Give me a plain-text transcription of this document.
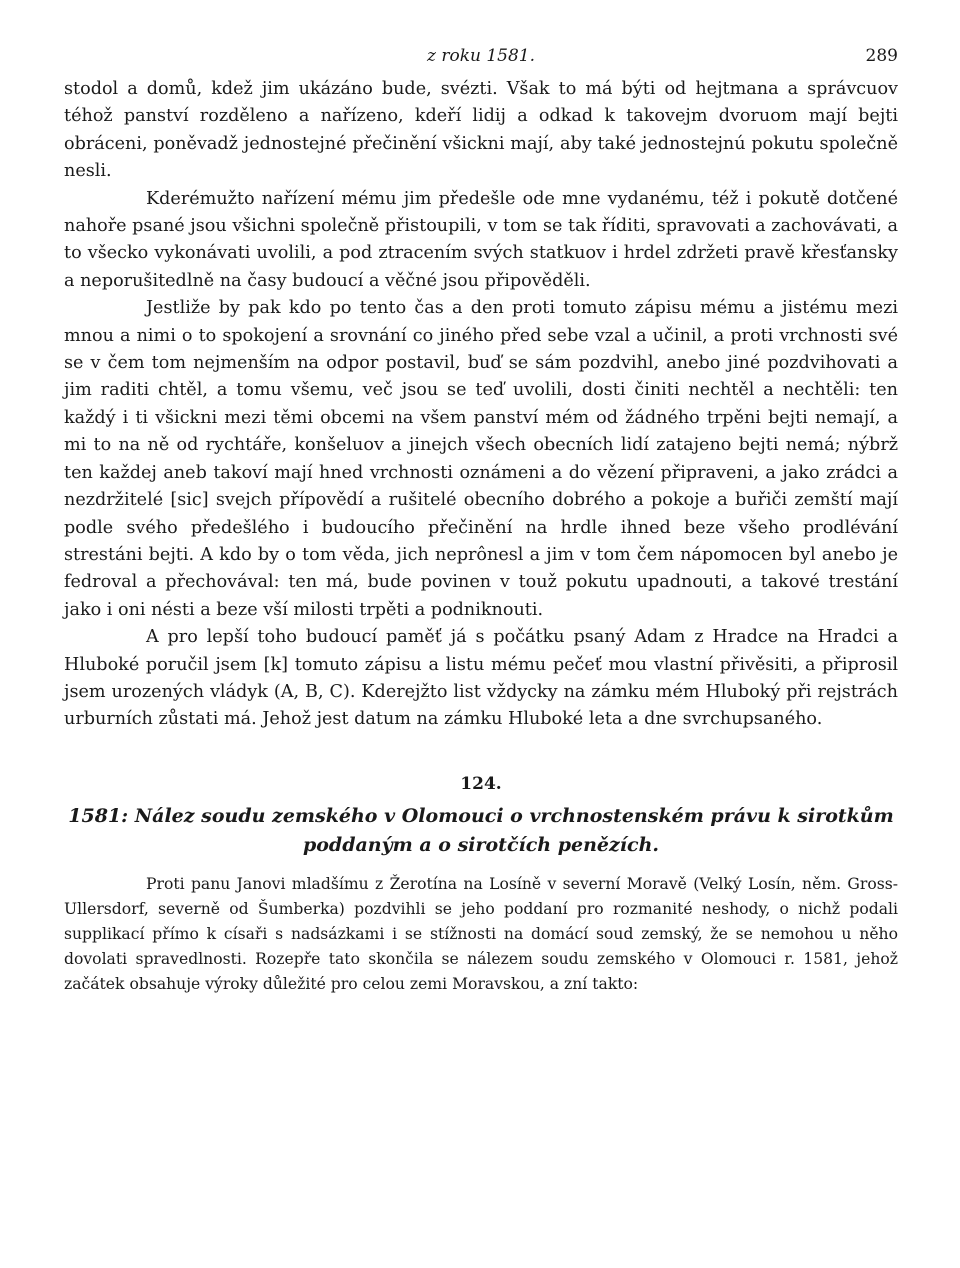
z roku 1581.	289

stodol a domů, kdež jim ukázáno bude, svézti. Však to má býti od hejtmana a správcuov téhož panství rozděleno a nařízeno, kdeří lidij a odkad k takovejm dvoruom mají bejti obráceni, poněvadž jednostejné přečinění všickni mají, aby také jednostejnú pokutu společně nesli.

Kderémužto nařízení mému jim předešle ode mne vydanému, též i pokutě dotčené nahoře psané jsou všichni společně přistoupili, v tom se tak říditi, spravovati a zachovávati, a to všecko vykonávati uvolili, a pod ztracením svých statkuov i hrdel zdržeti pravě křesťansky a neporušitedlně na časy budoucí a věčné jsou připověděli.

Jestliže by pak kdo po tento čas a den proti tomuto zápisu mému a jistému mezi mnou a nimi o to spokojení a srovnání co jiného před sebe vzal a učinil, a proti vrchnosti své se v čem tom nejmenším na odpor postavil, buď se sám pozdvihl, anebo jiné pozdvihovati a jim raditi chtěl, a tomu všemu, več jsou se teď uvolili, dosti činiti nechtěl a nechtěli: ten každý i ti všickni mezi těmi obcemi na všem panství mém od žádného trpěni bejti nemají, a mi to na ně od rychtáře, konšeluov a jinejch všech obecních lidí zatajeno bejti nemá; nýbrž ten každej aneb takoví mají hned vrchnosti oznámeni a do vězení připraveni, a jako zrádci a nezdržitelé [sic] svejch přípovědí a rušitelé obecního dobrého a pokoje a buřiči zemští mají podle svého předešlého i budoucího přečinění na hrdle ihned beze všeho prodlévání strestáni bejti. A kdo by o tom věda, jich neprônesl a jim v tom čem nápomocen byl anebo je fedroval a přechovával: ten má, bude povinen v touž pokutu upadnouti, a takové trestání jako i oni nésti a beze vší milosti trpěti a podniknouti.

A pro lepší toho budoucí paměť já s počátku psaný Adam z Hradce na Hradci a Hluboké poručil jsem [k] tomuto zápisu a listu mému pečeť mou vlastní přivěsiti, a připrosil jsem urozených vládyk (A, B, C). Kderejžto list vždycky na zámku mém Hluboký při rejstrách urburních zůstati má. Jehož jest datum na zámku Hluboké leta a dne svrchupsaného.

124.
1581: Nález soudu zemského v Olomouci o vrchnostenském právu k sirotkům
poddaným a o sirotčích penězích.

Proti panu Janovi mladšímu z Žerotína na Losíně v severní Moravě (Velký Losín, něm. Gross-Ullersdorf, severně od Šumberka) pozdvihli se jeho poddaní pro rozmanité neshody, o nichž podali supplikací přímo k císaři s nadsázkami i se stížnosti na domácí soud zemský, že se nemohou u něho dovolati spravedlnosti. Rozepře tato skončila se nálezem soudu zemského v Olomouci r. 1581, jehož začátek obsahuje výroky důležité pro celou zemi Moravskou, a zní takto:
